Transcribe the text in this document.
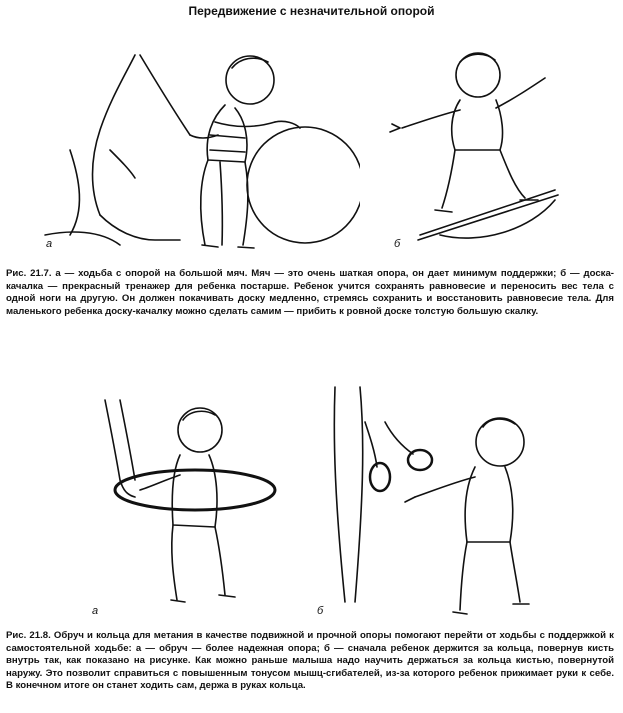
Передвижение с незначительной опорой
а	б
Рис. 21.7. а — ходьба с опорой на большой мяч. Мяч — это очень шаткая опора, он дает минимум поддержки; б — доска-качалка — прекрасный тренажер для ребенка постарше. Ребенок учится сохранять равновесие и переносить вес тела с одной ноги на другую. Он должен покачивать доску медленно, стремясь сохранить и восстановить равновесие тела. Для маленького ребенка доску-качалку можно сделать самим — прибить к ровной доске толстую большую скалку.
а	б
Рис. 21.8. Обруч и кольца для метания в качестве подвижной и прочной опоры помогают перейти от ходьбы с поддержкой к самостоятельной ходьбе: а — обруч — более надежная опора; б — сначала ребенок держится за кольца, повернув кисть внутрь так, как показано на рисунке. Как можно раньше малыша надо научить держаться за кольца кистью, повернутой наружу. Это позволит справиться с повышенным тонусом мышц-сгибателей, из-за которого ребенок прижимает руки к себе. В конечном итоге он станет ходить сам, держа в руках кольца.
